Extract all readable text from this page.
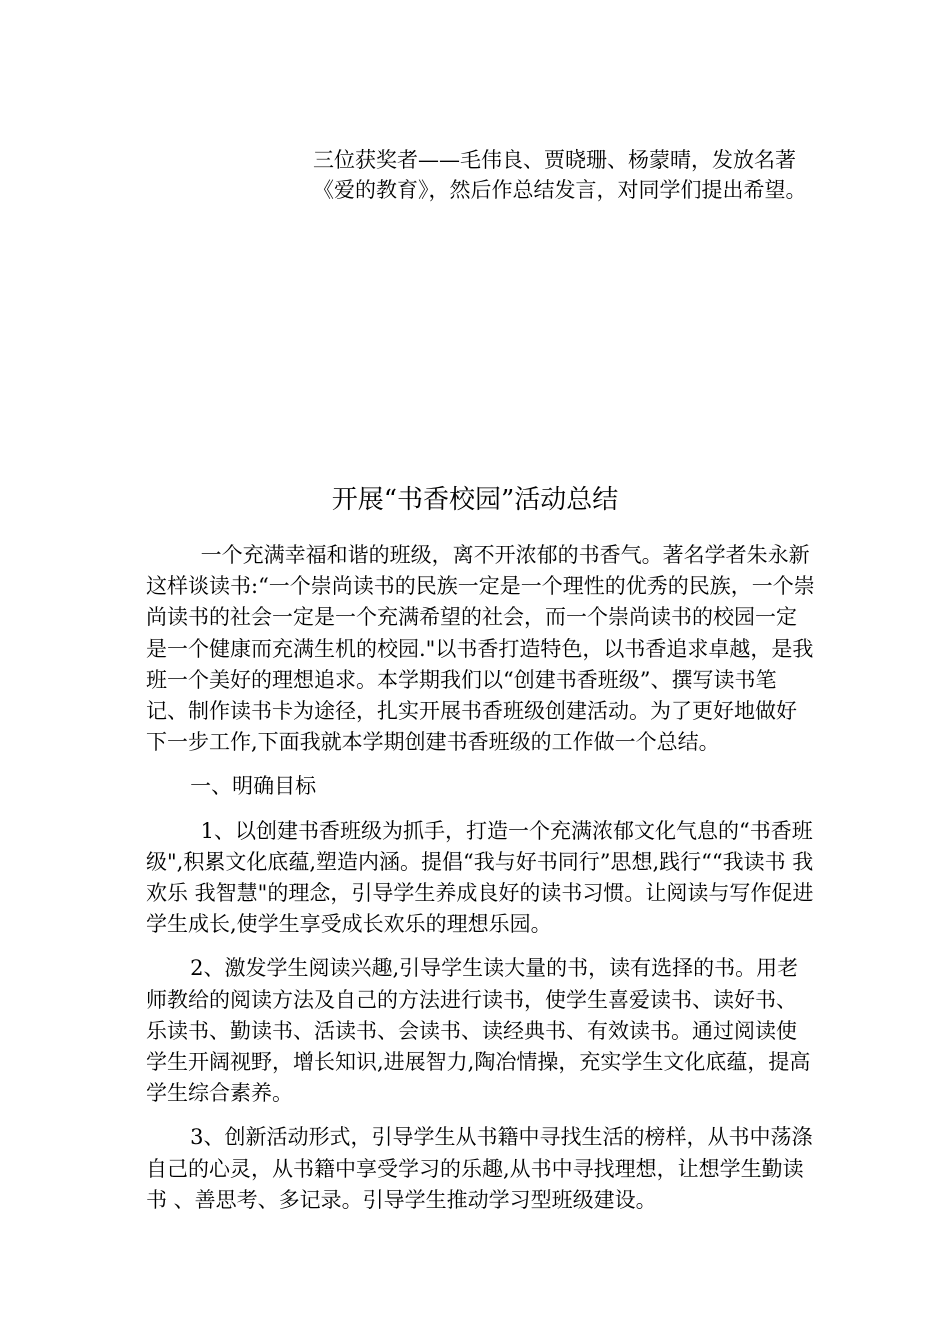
三位获奖者——毛伟良、贾晓珊、杨蒙晴，发放名著《爱的教育》，然后作总结发言，对同学们提出希望。

开展“书香校园”活动总结

一个充满幸福和谐的班级，离不开浓郁的书香气。著名学者朱永新这样谈读书:“一个崇尚读书的民族一定是一个理性的优秀的民族，一个崇尚读书的社会一定是一个充满希望的社会，而一个崇尚读书的校园一定是一个健康而充满生机的校园."以书香打造特色，以书香追求卓越，是我班一个美好的理想追求。本学期我们以“创建书香班级”、撰写读书笔记、制作读书卡为途径，扎实开展书香班级创建活动。为了更好地做好下一步工作,下面我就本学期创建书香班级的工作做一个总结。

一、明确目标

1、以创建书香班级为抓手，打造一个充满浓郁文化气息的“书香班级",积累文化底蕴,塑造内涵。提倡“我与好书同行”思想,践行““我读书 我欢乐 我智慧"的理念，引导学生养成良好的读书习惯。让阅读与写作促进学生成长,使学生享受成长欢乐的理想乐园。

2、激发学生阅读兴趣,引导学生读大量的书，读有选择的书。用老师教给的阅读方法及自己的方法进行读书，使学生喜爱读书、读好书、乐读书、勤读书、活读书、会读书、读经典书、有效读书。通过阅读使学生开阔视野，增长知识,进展智力,陶冶情操，充实学生文化底蕴，提高学生综合素养。

3、创新活动形式，引导学生从书籍中寻找生活的榜样，从书中荡涤自己的心灵，从书籍中享受学习的乐趣,从书中寻找理想，让想学生勤读书 、善思考、多记录。引导学生推动学习型班级建设。
